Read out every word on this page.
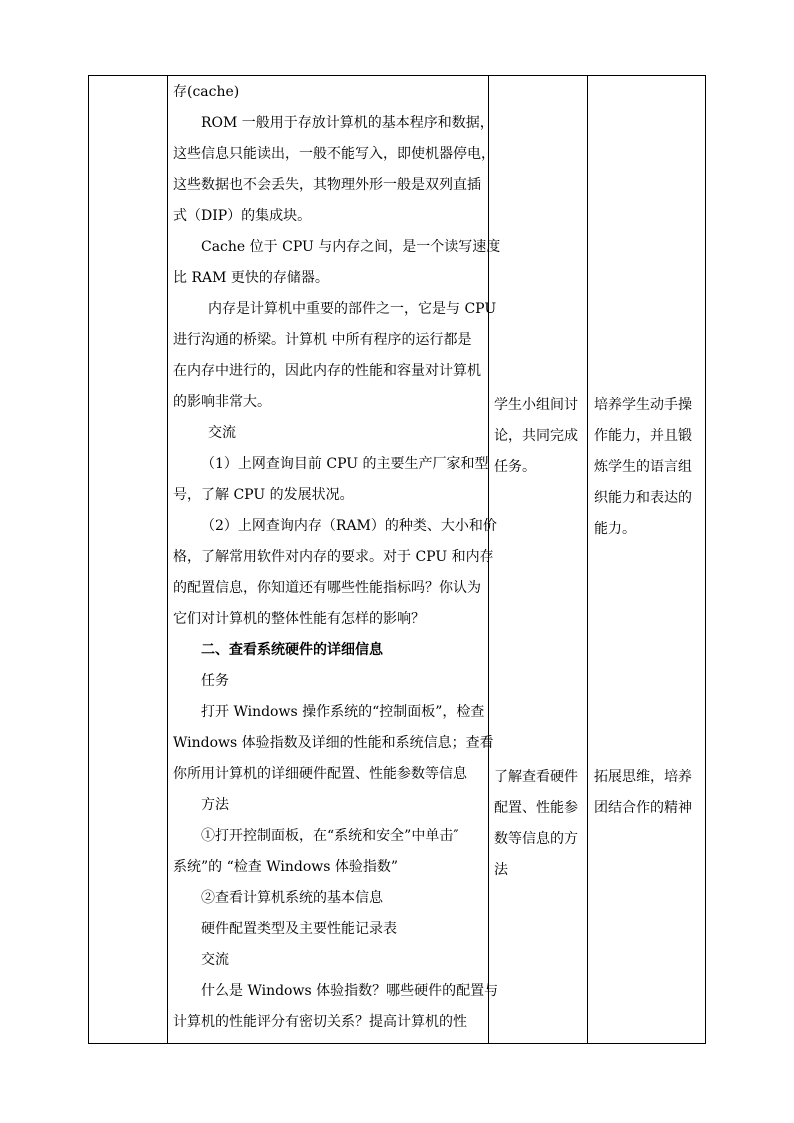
存(cache)

ROM 一般用于存放计算机的基本程序和数据，

这些信息只能读出，一般不能写入，即使机器停电，

这些数据也不会丢失，其物理外形一般是双列直插

式（DIP）的集成块。

Cache 位于 CPU 与内存之间，是一个读写速度

比 RAM 更快的存储器。

内存是计算机中重要的部件之一，它是与 CPU

进行沟通的桥梁。计算机 中所有程序的运行都是

在内存中进行的，因此内存的性能和容量对计算机

的影响非常大。

交流

（1）上网查询目前 CPU 的主要生产厂家和型

号，了解 CPU 的发展状况。

（2）上网查询内存（RAM）的种类、大小和价

格，了解常用软件对内存的要求。对于 CPU 和内存

的配置信息，你知道还有哪些性能指标吗？你认为

它们对计算机的整体性能有怎样的影响？

二、查看系统硬件的详细信息

任务

打开 Windows 操作系统的“控制面板”，检查

Windows 体验指数及详细的性能和系统信息；查看

你所用计算机的详细硬件配置、性能参数等信息

方法

①打开控制面板，在“系统和安全”中单击″

系统”的 “检查 Windows 体验指数”

②查看计算机系统的基本信息

硬件配置类型及主要性能记录表

交流

什么是 Windows 体验指数？哪些硬件的配置与

计算机的性能评分有密切关系？提高计算机的性

学生小组间讨

论，共同完成

任务。

了解查看硬件

配置、性能参

数等信息的方

法

培养学生动手操

作能力，并且锻

炼学生的语言组

织能力和表达的

能力。

拓展思维，培养

团结合作的精神
